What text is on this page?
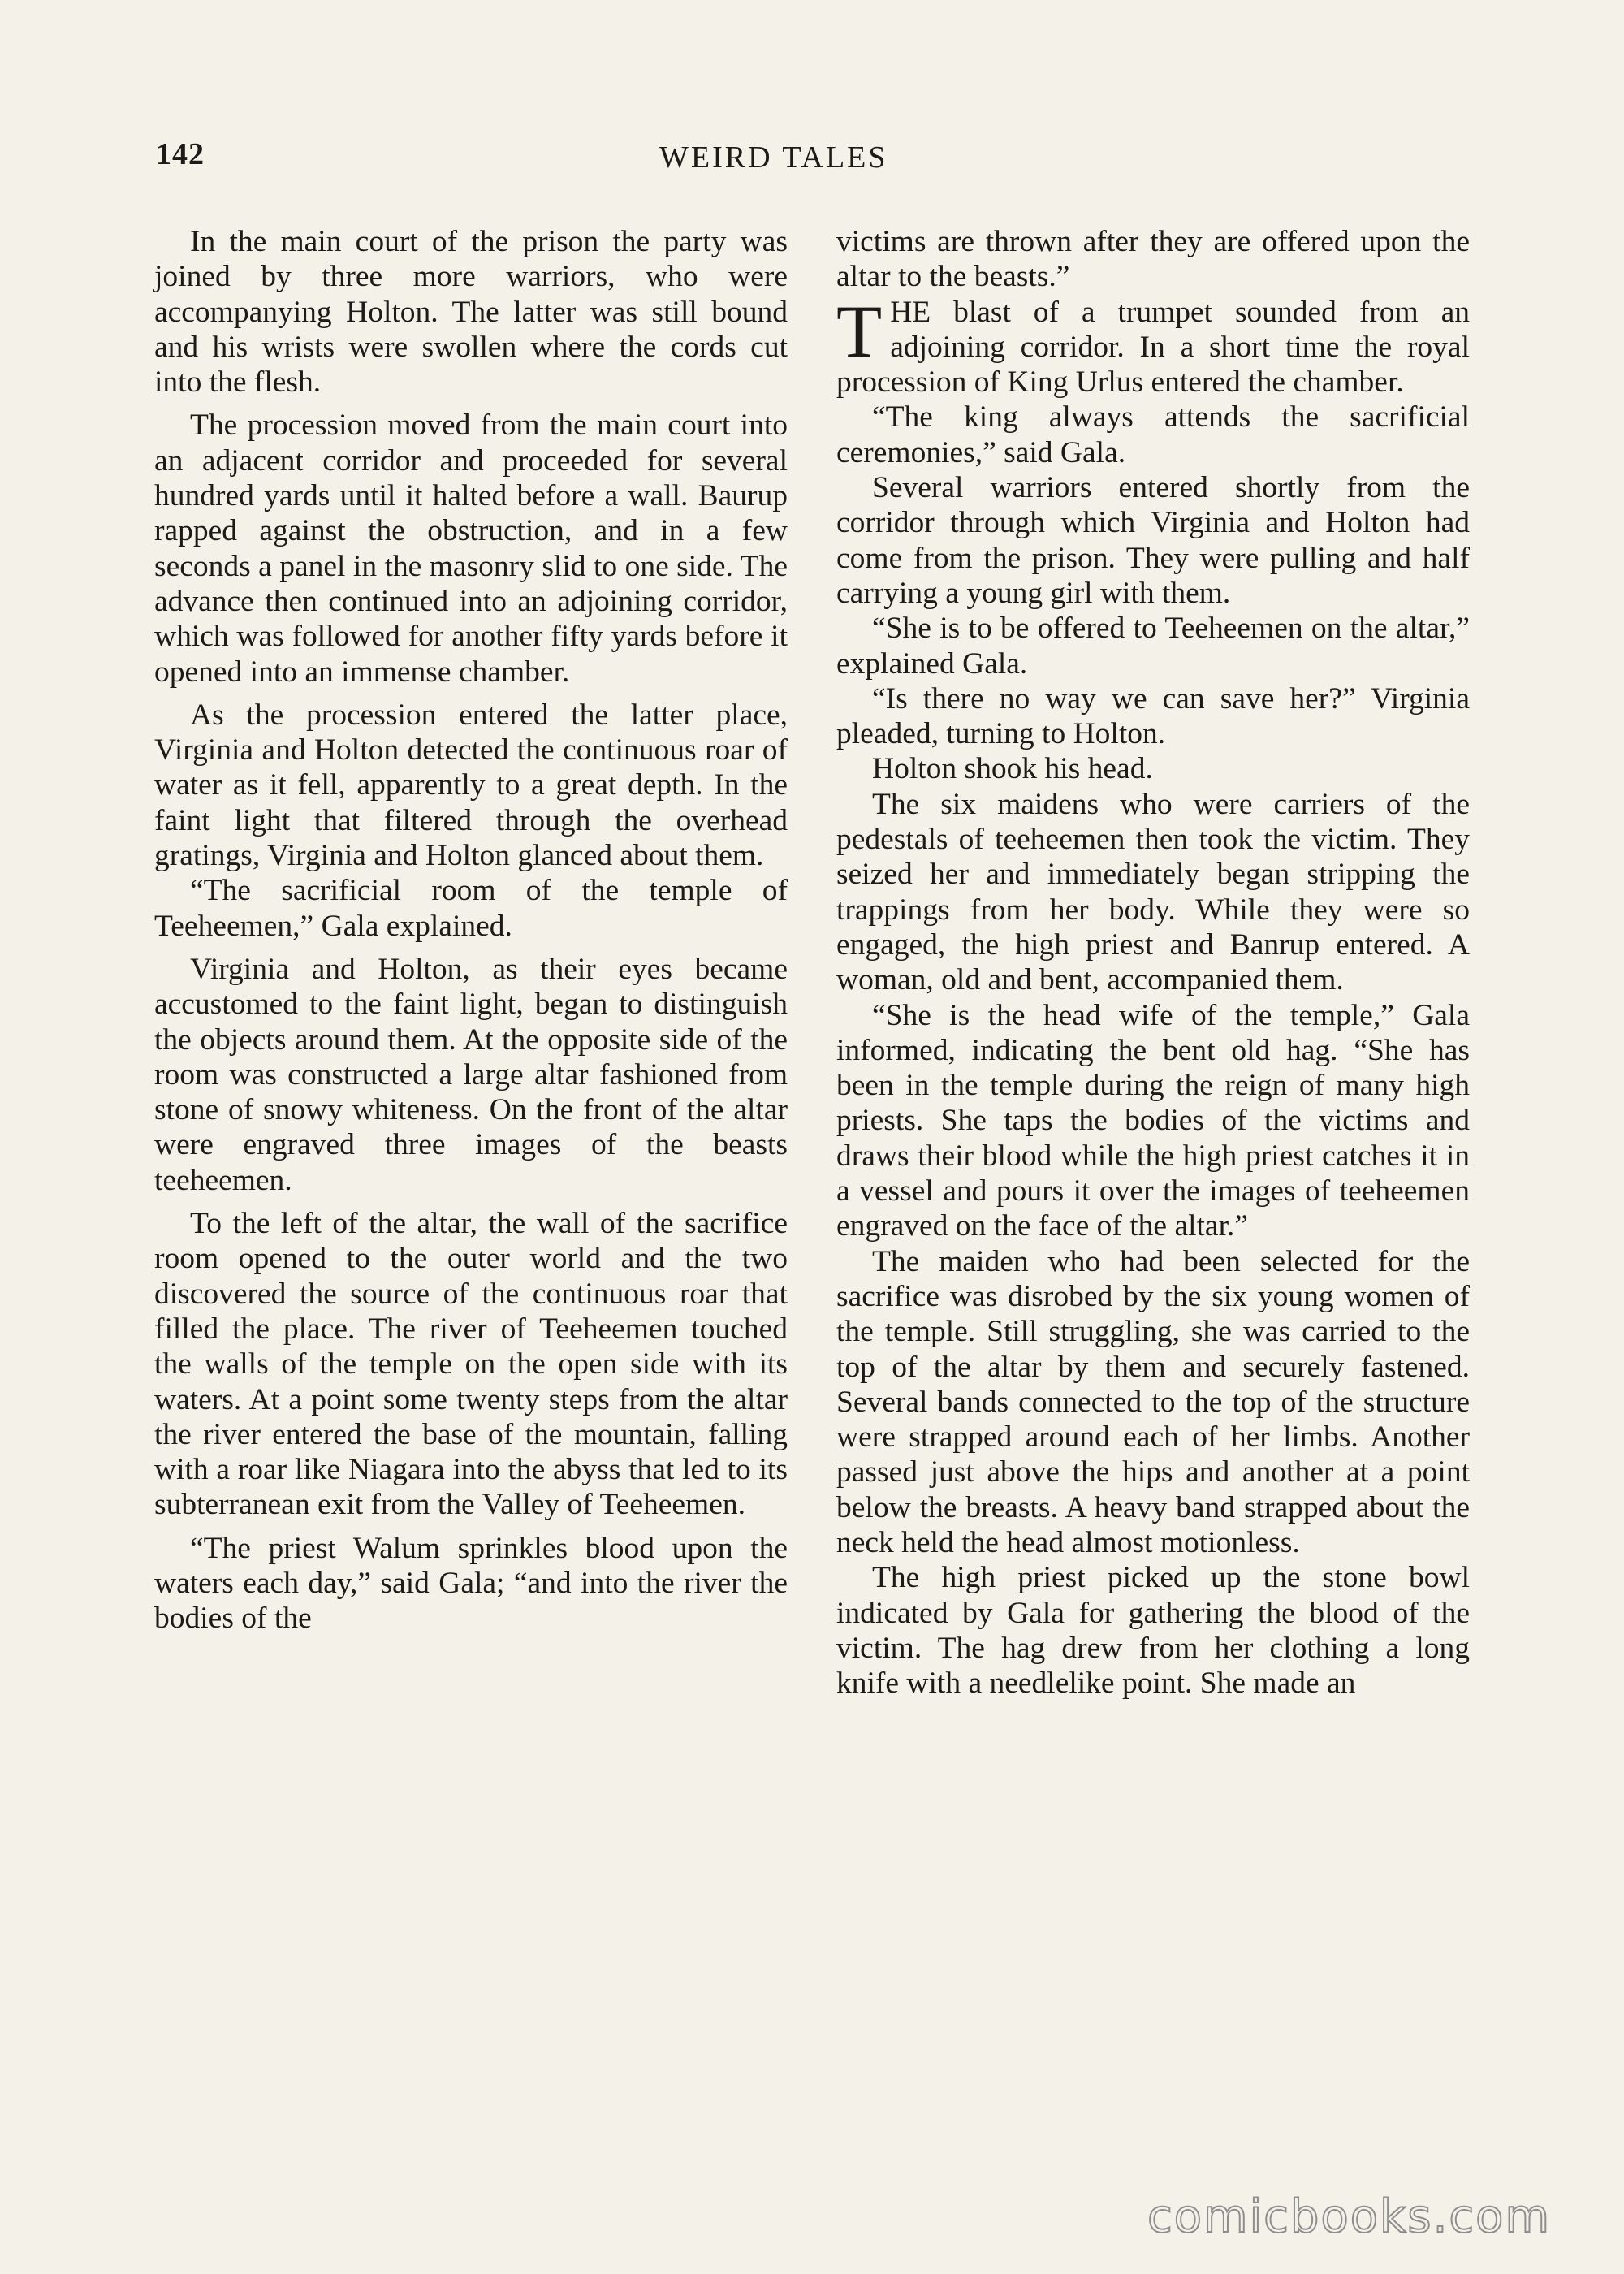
142	WEIRD TALES

In the main court of the prison the party was joined by three more warriors, who were accompanying Holton. The latter was still bound and his wrists were swollen where the cords cut into the flesh.

The procession moved from the main court into an adjacent corridor and proceeded for several hundred yards until it halted before a wall. Baurup rapped against the obstruction, and in a few seconds a panel in the masonry slid to one side. The advance then continued into an adjoining corridor, which was followed for another fifty yards before it opened into an immense chamber.

As the procession entered the latter place, Virginia and Holton detected the continuous roar of water as it fell, apparently to a great depth. In the faint light that filtered through the overhead gratings, Virginia and Holton glanced about them.

“The sacrificial room of the temple of Teeheemen,” Gala explained.

Virginia and Holton, as their eyes became accustomed to the faint light, began to distinguish the objects around them. At the opposite side of the room was constructed a large altar fashioned from stone of snowy whiteness. On the front of the altar were engraved three images of the beasts teeheemen.

To the left of the altar, the wall of the sacrifice room opened to the outer world and the two discovered the source of the continuous roar that filled the place. The river of Teeheemen touched the walls of the temple on the open side with its waters. At a point some twenty steps from the altar the river entered the base of the mountain, falling with a roar like Niagara into the abyss that led to its subterranean exit from the Valley of Teeheemen.

“The priest Walum sprinkles blood upon the waters each day,” said Gala; “and into the river the bodies of the

victims are thrown after they are offered upon the altar to the beasts.”

THE blast of a trumpet sounded from an adjoining corridor. In a short time the royal procession of King Urlus entered the chamber.

“The king always attends the sacrificial ceremonies,” said Gala.

Several warriors entered shortly from the corridor through which Virginia and Holton had come from the prison. They were pulling and half carrying a young girl with them.

“She is to be offered to Teeheemen on the altar,” explained Gala.

“Is there no way we can save her?” Virginia pleaded, turning to Holton.

Holton shook his head.

The six maidens who were carriers of the pedestals of teeheemen then took the victim. They seized her and immediately began stripping the trappings from her body. While they were so engaged, the high priest and Banrup entered. A woman, old and bent, accompanied them.

“She is the head wife of the temple,” Gala informed, indicating the bent old hag. “She has been in the temple during the reign of many high priests. She taps the bodies of the victims and draws their blood while the high priest catches it in a vessel and pours it over the images of teeheemen engraved on the face of the altar.”

The maiden who had been selected for the sacrifice was disrobed by the six young women of the temple. Still struggling, she was carried to the top of the altar by them and securely fastened. Several bands connected to the top of the structure were strapped around each of her limbs. Another passed just above the hips and another at a point below the breasts. A heavy band strapped about the neck held the head almost motionless.

The high priest picked up the stone bowl indicated by Gala for gathering the blood of the victim. The hag drew from her clothing a long knife with a needlelike point. She made an

comicbooks.com
